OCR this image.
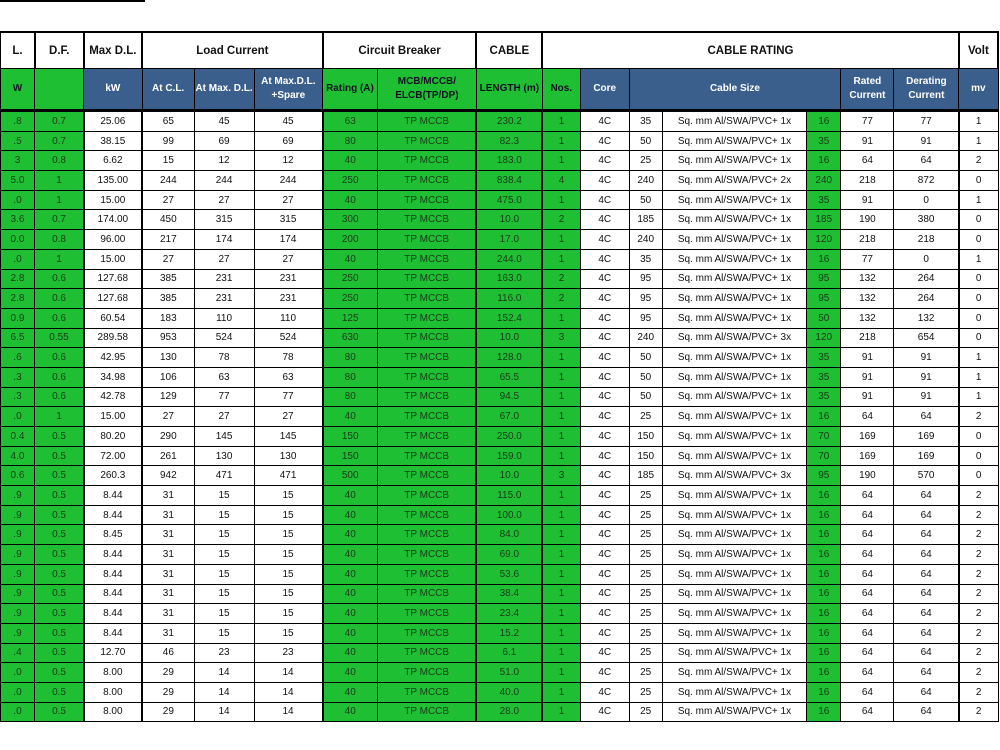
L.	D.F.	Max D.L.	Load Current			Circuit Breaker		CABLE	CABLE RATING							Volt
W		kW	At C.L.	At Max. D.L.	At Max.D.L. +Spare	Rating (A)	MCB/MCCB/ ELCB(TP/DP)	LENGTH (m)	Nos.	Core	Cable Size			Rated Current	Derating Current	mv
.8	0.7	25.06	65	45	45	63	TP MCCB	230.2	1	4C	35	Sq. mm Al/SWA/PVC+ 1x	16	77	77	1
.5	0.7	38.15	99	69	69	80	TP MCCB	82.3	1	4C	50	Sq. mm Al/SWA/PVC+ 1x	35	91	91	1
3	0.8	6.62	15	12	12	40	TP MCCB	183.0	1	4C	25	Sq. mm Al/SWA/PVC+ 1x	16	64	64	2
5.0	1	135.00	244	244	244	250	TP MCCB	838.4	4	4C	240	Sq. mm Al/SWA/PVC+ 2x	240	218	872	0
.0	1	15.00	27	27	27	40	TP MCCB	475.0	1	4C	50	Sq. mm Al/SWA/PVC+ 1x	35	91	0	1
3.6	0.7	174.00	450	315	315	300	TP MCCB	10.0	2	4C	185	Sq. mm Al/SWA/PVC+ 1x	185	190	380	0
0.0	0.8	96.00	217	174	174	200	TP MCCB	17.0	1	4C	240	Sq. mm Al/SWA/PVC+ 1x	120	218	218	0
.0	1	15.00	27	27	27	40	TP MCCB	244.0	1	4C	35	Sq. mm Al/SWA/PVC+ 1x	16	77	0	1
2.8	0.6	127.68	385	231	231	250	TP MCCB	163.0	2	4C	95	Sq. mm Al/SWA/PVC+ 1x	95	132	264	0
2.8	0.6	127.68	385	231	231	250	TP MCCB	116.0	2	4C	95	Sq. mm Al/SWA/PVC+ 1x	95	132	264	0
0.9	0.6	60.54	183	110	110	125	TP MCCB	152.4	1	4C	95	Sq. mm Al/SWA/PVC+ 1x	50	132	132	0
6.5	0.55	289.58	953	524	524	630	TP MCCB	10.0	3	4C	240	Sq. mm Al/SWA/PVC+ 3x	120	218	654	0
.6	0.6	42.95	130	78	78	80	TP MCCB	128.0	1	4C	50	Sq. mm Al/SWA/PVC+ 1x	35	91	91	1
.3	0.6	34.98	106	63	63	80	TP MCCB	65.5	1	4C	50	Sq. mm Al/SWA/PVC+ 1x	35	91	91	1
.3	0.6	42.78	129	77	77	80	TP MCCB	94.5	1	4C	50	Sq. mm Al/SWA/PVC+ 1x	35	91	91	1
.0	1	15.00	27	27	27	40	TP MCCB	67.0	1	4C	25	Sq. mm Al/SWA/PVC+ 1x	16	64	64	2
0.4	0.5	80.20	290	145	145	150	TP MCCB	250.0	1	4C	150	Sq. mm Al/SWA/PVC+ 1x	70	169	169	0
4.0	0.5	72.00	261	130	130	150	TP MCCB	159.0	1	4C	150	Sq. mm Al/SWA/PVC+ 1x	70	169	169	0
0.6	0.5	260.3	942	471	471	500	TP MCCB	10.0	3	4C	185	Sq. mm Al/SWA/PVC+ 3x	95	190	570	0
.9	0.5	8.44	31	15	15	40	TP MCCB	115.0	1	4C	25	Sq. mm Al/SWA/PVC+ 1x	16	64	64	2
.9	0.5	8.44	31	15	15	40	TP MCCB	100.0	1	4C	25	Sq. mm Al/SWA/PVC+ 1x	16	64	64	2
.9	0.5	8.45	31	15	15	40	TP MCCB	84.0	1	4C	25	Sq. mm Al/SWA/PVC+ 1x	16	64	64	2
.9	0.5	8.44	31	15	15	40	TP MCCB	69.0	1	4C	25	Sq. mm Al/SWA/PVC+ 1x	16	64	64	2
.9	0.5	8.44	31	15	15	40	TP MCCB	53.6	1	4C	25	Sq. mm Al/SWA/PVC+ 1x	16	64	64	2
.9	0.5	8.44	31	15	15	40	TP MCCB	38.4	1	4C	25	Sq. mm Al/SWA/PVC+ 1x	16	64	64	2
.9	0.5	8.44	31	15	15	40	TP MCCB	23.4	1	4C	25	Sq. mm Al/SWA/PVC+ 1x	16	64	64	2
.9	0.5	8.44	31	15	15	40	TP MCCB	15.2	1	4C	25	Sq. mm Al/SWA/PVC+ 1x	16	64	64	2
.4	0.5	12.70	46	23	23	40	TP MCCB	6.1	1	4C	25	Sq. mm Al/SWA/PVC+ 1x	16	64	64	2
.0	0.5	8.00	29	14	14	40	TP MCCB	51.0	1	4C	25	Sq. mm Al/SWA/PVC+ 1x	16	64	64	2
.0	0.5	8.00	29	14	14	40	TP MCCB	40.0	1	4C	25	Sq. mm Al/SWA/PVC+ 1x	16	64	64	2
.0	0.5	8.00	29	14	14	40	TP MCCB	28.0	1	4C	25	Sq. mm Al/SWA/PVC+ 1x	16	64	64	2
